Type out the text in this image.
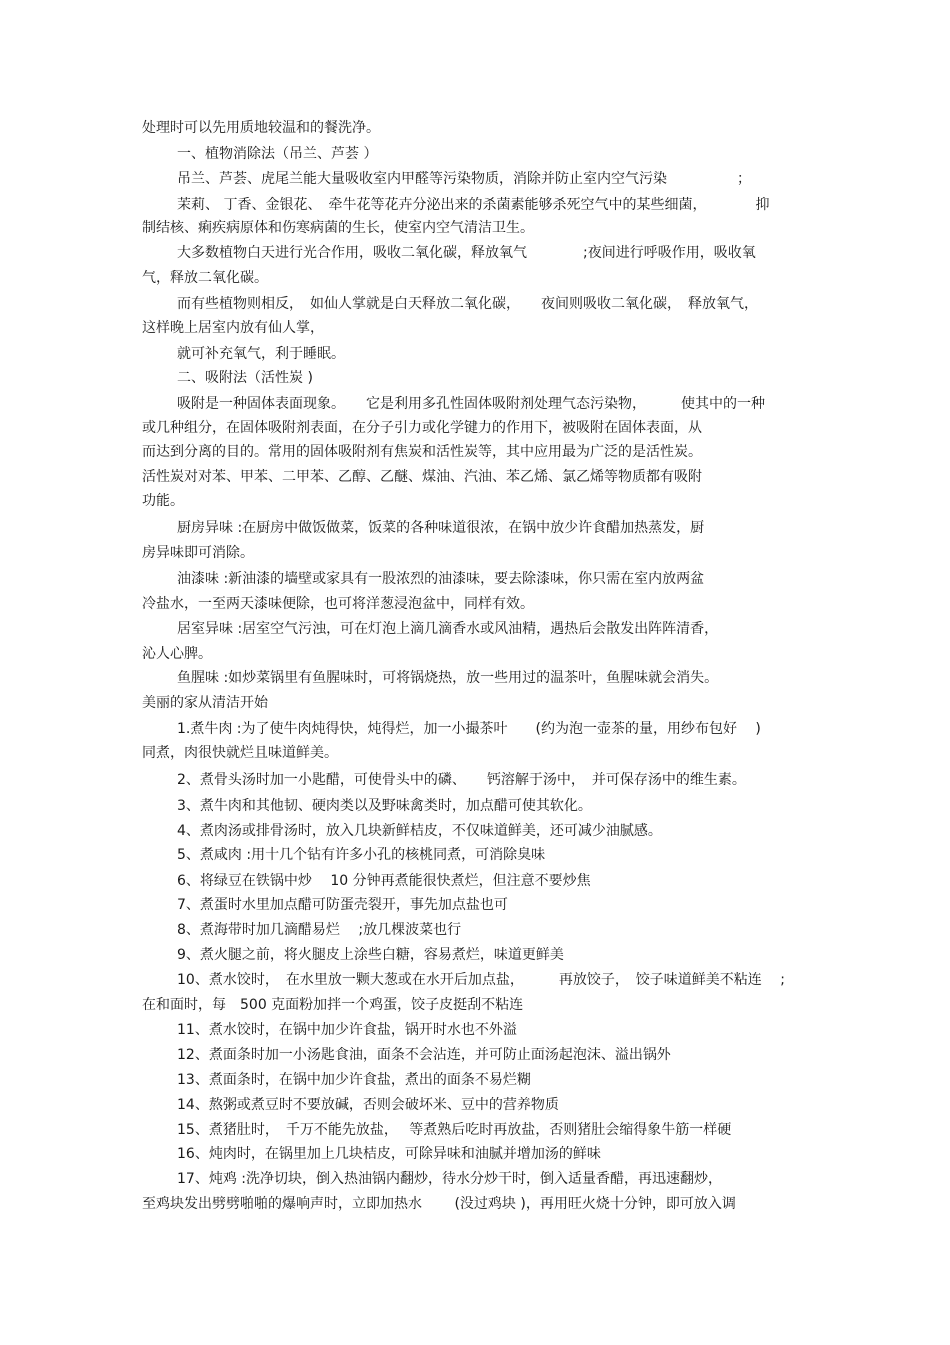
处理时可以先用质地较温和的餐洗净。

一、植物消除法（吊兰、芦荟 ）

吊兰、芦荟、虎尾兰能大量吸收室内甲醛等污染物质，消除并防止室内空气污染　　　　　；

茉莉、 丁香、金银花、　牵牛花等花卉分泌出来的杀菌素能够杀死空气中的某些细菌，　　　　抑

制结核、痢疾病原体和伤寒病菌的生长，使室内空气清洁卫生。

大多数植物白天进行光合作用，吸收二氧化碳，释放氧气　　　　;夜间进行呼吸作用，吸收氧

气，释放二氧化碳。

而有些植物则相反，　如仙人掌就是白天释放二氧化碳，　　夜间则吸收二氧化碳，　释放氧气，

这样晚上居室内放有仙人掌，

就可补充氧气，利于睡眠。

二、吸附法（活性炭 )

吸附是一种固体表面现象。　　它是利用多孔性固体吸附剂处理气态污染物，　　　使其中的一种

或几种组分，在固体吸附剂表面，在分子引力或化学键力的作用下，被吸附在固体表面，从

而达到分离的目的。常用的固体吸附剂有焦炭和活性炭等，其中应用最为广泛的是活性炭。

活性炭对对苯、甲苯、二甲苯、乙醇、乙醚、煤油、汽油、苯乙烯、氯乙烯等物质都有吸附

功能。

厨房异味 :在厨房中做饭做菜，饭菜的各种味道很浓，在锅中放少许食醋加热蒸发，厨

房异味即可消除。

油漆味 :新油漆的墙壁或家具有一股浓烈的油漆味，要去除漆味，你只需在室内放两盆

冷盐水，一至两天漆味便除，也可将洋葱浸泡盆中，同样有效。

居室异味 :居室空气污浊，可在灯泡上滴几滴香水或风油精，遇热后会散发出阵阵清香，

沁人心脾。

鱼腥味 :如炒菜锅里有鱼腥味时，可将锅烧热，放一些用过的温茶叶，鱼腥味就会消失。

美丽的家从清洁开始

1.煮牛肉 :为了使牛肉炖得快，炖得烂，加一小撮茶叶　　(约为泡一壶茶的量，用纱布包好　 )

同煮，肉很快就烂且味道鲜美。

2、煮骨头汤时加一小匙醋，可使骨头中的磷、　　钙溶解于汤中，　并可保存汤中的维生素。

3、煮牛肉和其他韧、硬肉类以及野味禽类时，加点醋可使其软化。

4、煮肉汤或排骨汤时，放入几块新鲜桔皮，不仅味道鲜美，还可减少油腻感。

5、煮咸肉 :用十几个钻有许多小孔的核桃同煮，可消除臭味

6、将绿豆在铁锅中炒　 10 分钟再煮能很快煮烂，但注意不要炒焦

7、煮蛋时水里加点醋可防蛋壳裂开，事先加点盐也可

8、煮海带时加几滴醋易烂　 ;放几棵波菜也行

9、煮火腿之前，将火腿皮上涂些白糖，容易煮烂，味道更鲜美

10、煮水饺时，　在水里放一颗大葱或在水开后加点盐，　　　再放饺子，　饺子味道鲜美不粘连　 ;

在和面时，每　500 克面粉加拌一个鸡蛋，饺子皮挺刮不粘连

11、煮水饺时，在锅中加少许食盐，锅开时水也不外溢

12、煮面条时加一小汤匙食油，面条不会沾连，并可防止面汤起泡沫、溢出锅外

13、煮面条时，在锅中加少许食盐，煮出的面条不易烂糊

14、熬粥或煮豆时不要放碱，否则会破坏米、豆中的营养物质

15、煮猪肚时，　千万不能先放盐，　 等煮熟后吃时再放盐，否则猪肚会缩得象牛筋一样硬

16、炖肉时，在锅里加上几块桔皮，可除异味和油腻并增加汤的鲜味

17、炖鸡 :洗净切块，倒入热油锅内翻炒，待水分炒干时，倒入适量香醋，再迅速翻炒，

至鸡块发出劈劈啪啪的爆响声时，立即加热水　　 (没过鸡块 )，再用旺火烧十分钟，即可放入调
